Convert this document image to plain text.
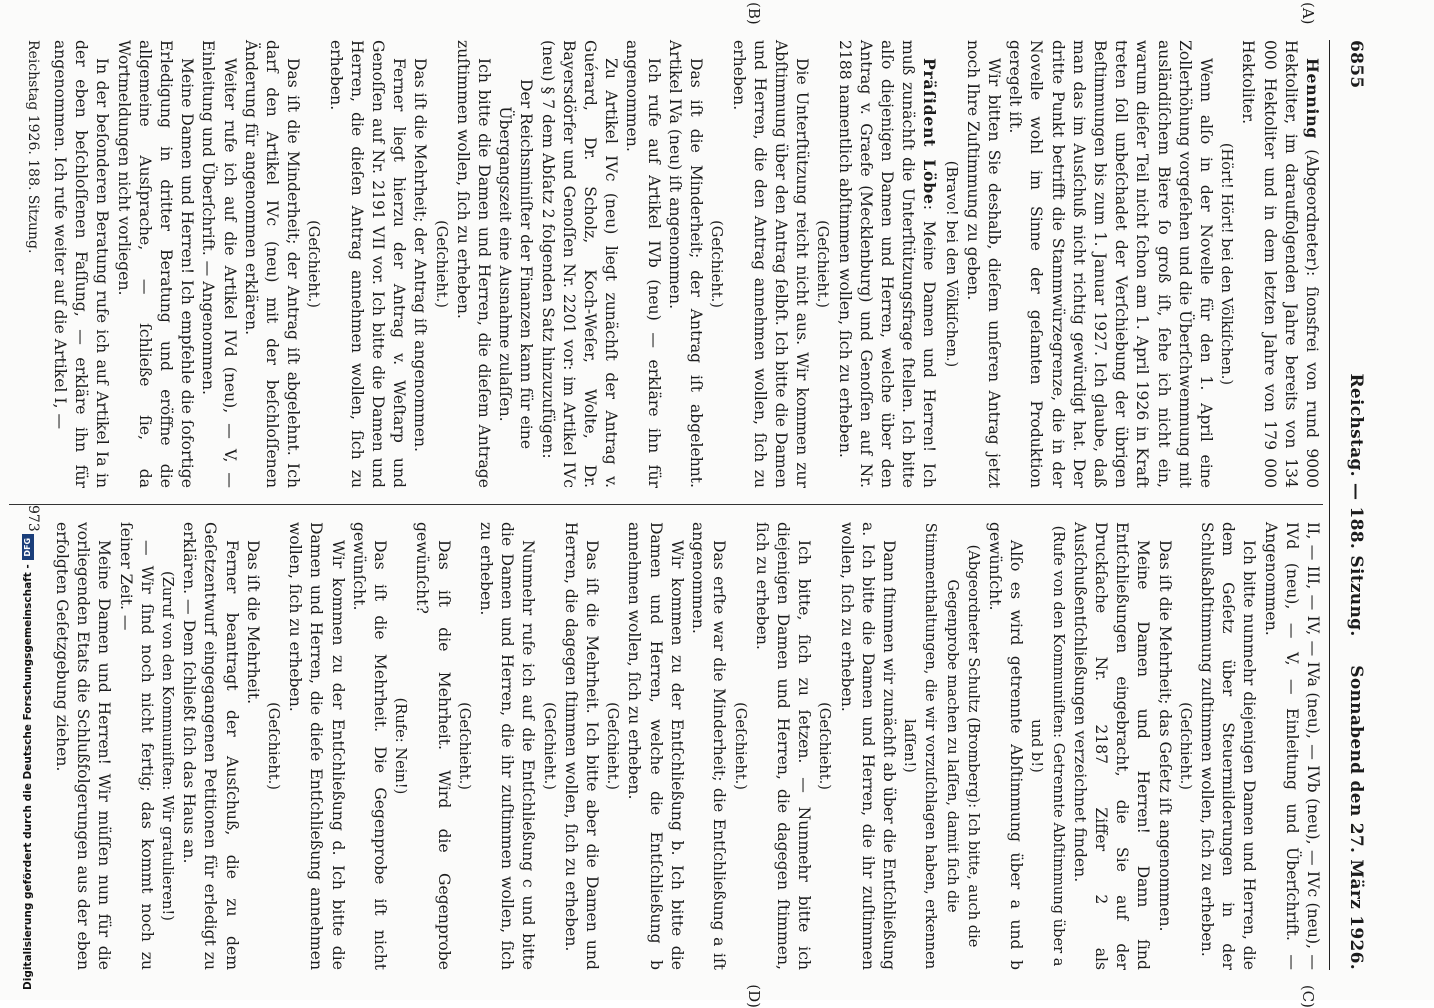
6855
Reichstag. — 188. Sitzung.
Sonnabend den 27. März 1926.

Henning (Abgeordneter): ſionsfrei von rund 9000 Hektoliter, im darauffolgenden Jahre bereits von 134 000 Hektoliter und in dem letzten Jahre von 179 000 Hektoliter.

(Hört! Hört! bei den Völkiſchen.)

Wenn alſo in der Novelle für den 1. April eine Zollerhöhung vorgeſehen und die Überſchwemmung mit ausländiſchem Biere ſo groß iſt, ſehe ich nicht ein, warum dieſer Teil nicht ſchon am 1. April 1926 in Kraft treten ſoll unbeſchadet der Verſchiebung der übrigen Beſtimmungen bis zum 1. Januar 1927. Ich glaube, daß man das im Ausſchuß nicht richtig gewürdigt hat. Der dritte Punkt betrifft die Stammwürzegrenze, die in der Novelle wohl im Sinne der geſamten Produktion geregelt iſt.

Wir bitten Sie deshalb, dieſem unſeren Antrag jetzt noch Ihre Zuſtimmung zu geben.

(Bravo! bei den Völkiſchen.)

Präſident Löbe: Meine Damen und Herren! Ich muß zunächſt die Unterſtützungsfrage ſtellen. Ich bitte alſo diejenigen Damen und Herren, welche über den Antrag v. Graefe (Mecklenburg) und Genoſſen auf Nr. 2188 namentlich abſtimmen wollen, ſich zu erheben.

(Geſchieht.)

Die Unterſtützung reicht nicht aus. Wir kommen zur Abſtimmung über den Antrag ſelbſt. Ich bitte die Damen und Herren, die den Antrag annehmen wollen, ſich zu erheben.

(Geſchieht.)

Das iſt die Minderheit; der Antrag iſt abgelehnt. Artikel IVa (neu) iſt angenommen.

Ich rufe auf Artikel IVb (neu) — erkläre ihn für angenommen.

Zu Artikel IVc (neu) liegt zunächſt der Antrag v. Guérard, Dr. Scholz, Koch-Weſer, Wolte, Dr. Bayersdörfer und Genoſſen Nr. 2201 vor: im Artikel IVc (neu) § 7 dem Abſatz 2 folgenden Satz hinzuzufügen:

Der Reichsminiſter der Finanzen kann für eine Übergangszeit eine Ausnahme zulaſſen.

Ich bitte die Damen und Herren, die dieſem Antrage zuſtimmen wollen, ſich zu erheben.

(Geſchieht.)

Das iſt die Mehrheit; der Antrag iſt angenommen.

Ferner liegt hierzu der Antrag v. Weſtarp und Genoſſen auf Nr. 2191 VII vor. Ich bitte die Damen und Herren, die dieſen Antrag annehmen wollen, ſich zu erheben.

(Geſchieht.)

Das iſt die Minderheit; der Antrag iſt abgelehnt. Ich darf den Artikel IVc (neu) mit der beſchloſſenen Änderung für angenommen erklären.

Weiter rufe ich auf die Artikel IVd (neu), — V, — Einleitung und Überſchrift. — Angenommen.

Meine Damen und Herren! Ich empfehle die ſofortige Erledigung in dritter Beratung und eröffne die allgemeine Ausſprache, — ſchließe ſie, da Wortmeldungen nicht vorliegen.

In der beſonderen Beratung rufe ich auf Artikel Ia in der eben beſchloſſenen Faſſung, — erkläre ihn für angenommen. Ich rufe weiter auf die Artikel I, —

II, — III, — IV, — IVa (neu), — IVb (neu), — IVc (neu), — IVd (neu), — V, — Einleitung und Überſchrift. — Angenommen.

Ich bitte nunmehr diejenigen Damen und Herren, die dem Geſetz über Steuermilderungen in der Schlußabſtimmung zuſtimmen wollen, ſich zu erheben.

(Geſchieht.)

Das iſt die Mehrheit; das Geſetz iſt angenommen.

Meine Damen und Herren! Dann ſind Entſchließungen eingebracht, die Sie auf der Druckſache Nr. 2187 Ziffer 2 als Ausſchußentſchließungen verzeichnet finden.

(Rufe von den Kommuniſten: Getrennte Abſtimmung über a und b!)

Alſo es wird getrennte Abſtimmung über a und b gewünſcht.

(Abgeordneter Schultz (Bromberg): Ich bitte, auch die Gegenprobe machen zu laſſen, damit ſich die Stimmenthaltungen, die wir vorzuſchlagen haben, erkennen laſſen!)

Dann ſtimmen wir zunächſt ab über die Entſchließung a. Ich bitte die Damen und Herren, die ihr zuſtimmen wollen, ſich zu erheben.

(Geſchieht.)

Ich bitte, ſich zu ſetzen. — Nunmehr bitte ich diejenigen Damen und Herren, die dagegen ſtimmen, ſich zu erheben.

(Geſchieht.)

Das erſte war die Minderheit; die Entſchließung a iſt angenommen.

Wir kommen zu der Entſchließung b. Ich bitte die Damen und Herren, welche die Entſchließung b annehmen wollen, ſich zu erheben.

(Geſchieht.)

Das iſt die Mehrheit. Ich bitte aber die Damen und Herren, die dagegen ſtimmen wollen, ſich zu erheben.

(Geſchieht.)

Nunmehr rufe ich auf die Entſchließung c und bitte die Damen und Herren, die ihr zuſtimmen wollen, ſich zu erheben.

(Geſchieht.)

Das iſt die Mehrheit. Wird die Gegenprobe gewünſcht?

(Rufe: Nein!)

Das iſt die Mehrheit. Die Gegenprobe iſt nicht gewünſcht.

Wir kommen zu der Entſchließung d. Ich bitte die Damen und Herren, die dieſe Entſchließung annehmen wollen, ſich zu erheben.

(Geſchieht.)

Das iſt die Mehrheit.

Ferner beantragt der Ausſchuß, die zu dem Geſetzentwurf eingegangenen Petitionen für erledigt zu erklären. — Dem ſchließt ſich das Haus an.

(Zuruf von den Kommuniſten: Wir gratulieren!)

— Wir ſind noch nicht fertig; das kommt noch zu ſeiner Zeit. —

Meine Damen und Herren! Wir müſſen nun für die vorliegenden Etats die Schlußfolgerungen aus der eben erfolgten Geſetzgebung ziehen.

(A)
(B)
(C)
(D)
Reichstag 1926. 188. Sitzung.
973
Digitalisierung gefördert durch die Deutsche Forschungsgemeinschaft -DFG
